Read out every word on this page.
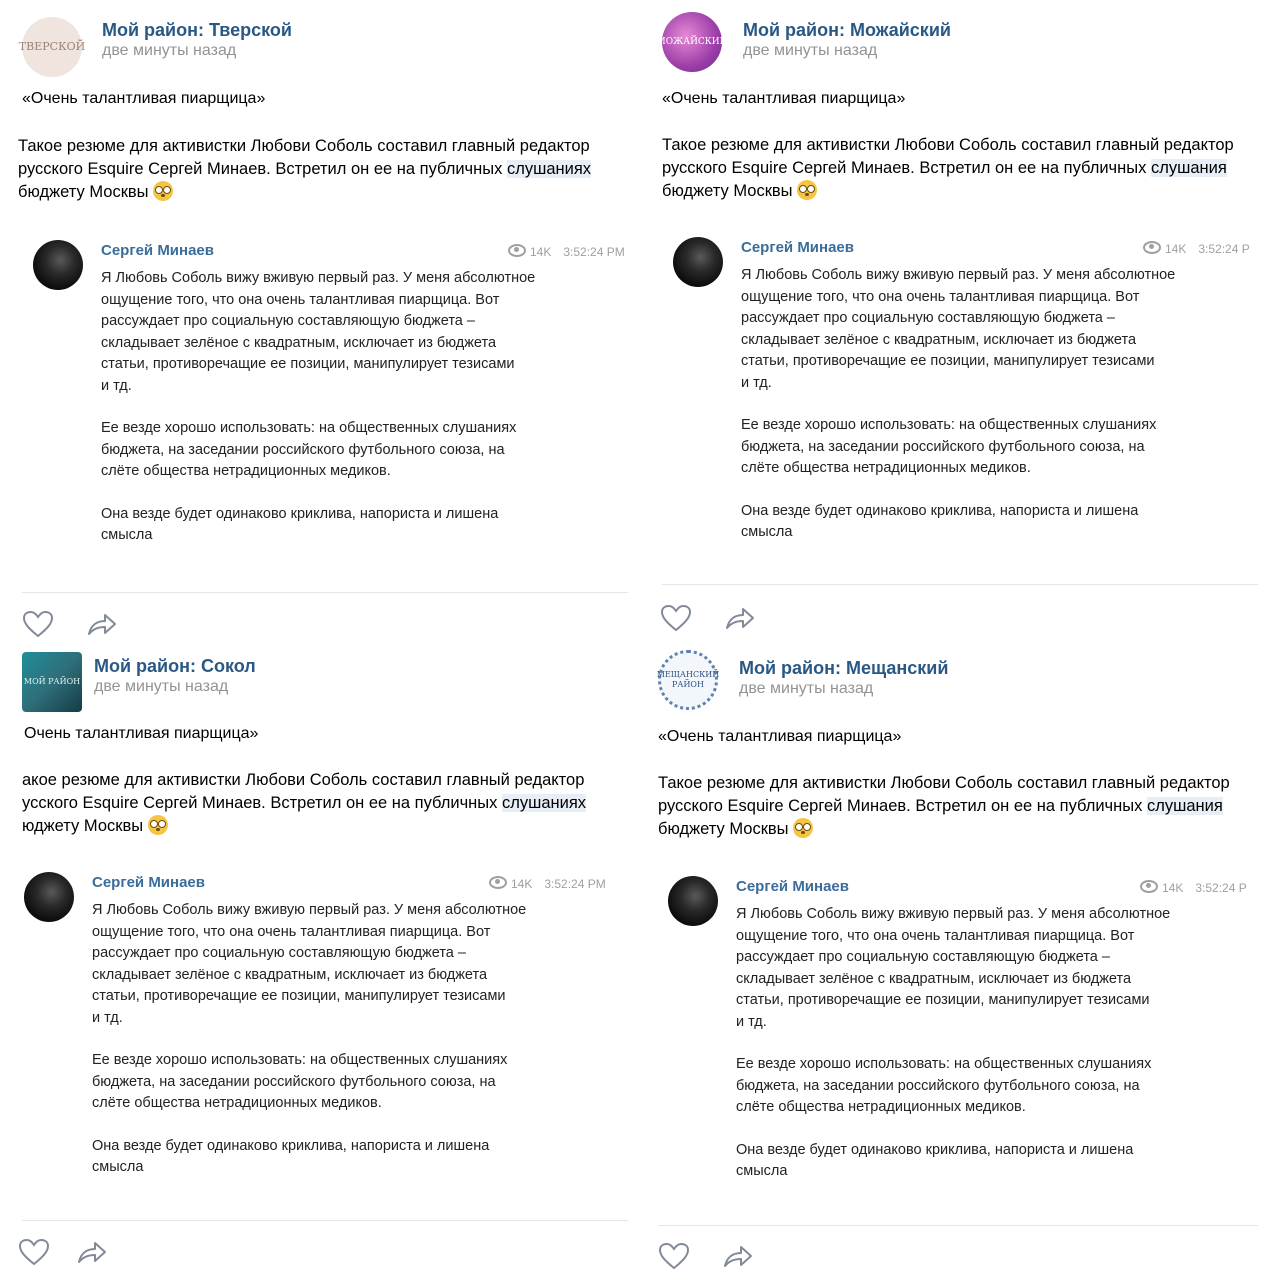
ТВЕРСКОЙ
Мой район: Тверской
две минуты назад
«Очень талантливая пиарщица»

Такое резюме для активистки Любови Соболь составил главный редактор

русского Esquire Сергей Минаев. Встретил он ее на публичных слушаниях

бюджету Москвы

Сергей Минаев	14K 3:52:24 PM

Я Любовь Соболь вижу вживую первый раз. У меня абсолютное
ощущение того, что она очень талантливая пиарщица. Вот
рассуждает про социальную составляющую бюджета –
складывает зелёное с квадратным, исключает из бюджета
статьи, противоречащие ее позиции, манипулирует тезисами
и тд.

Ее везде хорошо использовать: на общественных слушаниях
бюджета, на заседании российского футбольного союза, на
слёте общества нетрадиционных медиков.

Она везде будет одинаково криклива, напориста и лишена
смысла

МОЖАЙСКИЙ
Мой район: Можайский
две минуты назад
«Очень талантливая пиарщица»

Такое резюме для активистки Любови Соболь составил главный редактор

русского Esquire Сергей Минаев. Встретил он ее на публичных слушания

бюджету Москвы

Сергей Минаев	14K 3:52:24 P

Я Любовь Соболь вижу вживую первый раз. У меня абсолютное
ощущение того, что она очень талантливая пиарщица. Вот
рассуждает про социальную составляющую бюджета –
складывает зелёное с квадратным, исключает из бюджета
статьи, противоречащие ее позиции, манипулирует тезисами
и тд.

Ее везде хорошо использовать: на общественных слушаниях
бюджета, на заседании российского футбольного союза, на
слёте общества нетрадиционных медиков.

Она везде будет одинаково криклива, напориста и лишена
смысла

МОЙ РАЙОН
Мой район: Сокол
две минуты назад
Очень талантливая пиарщица»

акое резюме для активистки Любови Соболь составил главный редактор

усского Esquire Сергей Минаев. Встретил он ее на публичных слушаниях

юджету Москвы

Сергей Минаев	14K 3:52:24 PM

Я Любовь Соболь вижу вживую первый раз. У меня абсолютное
ощущение того, что она очень талантливая пиарщица. Вот
рассуждает про социальную составляющую бюджета –
складывает зелёное с квадратным, исключает из бюджета
статьи, противоречащие ее позиции, манипулирует тезисами
и тд.

Ее везде хорошо использовать: на общественных слушаниях
бюджета, на заседании российского футбольного союза, на
слёте общества нетрадиционных медиков.

Она везде будет одинаково криклива, напориста и лишена
смысла

МЕЩАНСКИЙ РАЙОН
Мой район: Мещанский
две минуты назад
«Очень талантливая пиарщица»

Такое резюме для активистки Любови Соболь составил главный редактор

русского Esquire Сергей Минаев. Встретил он ее на публичных слушания

бюджету Москвы

Сергей Минаев	14K 3:52:24 P

Я Любовь Соболь вижу вживую первый раз. У меня абсолютное
ощущение того, что она очень талантливая пиарщица. Вот
рассуждает про социальную составляющую бюджета –
складывает зелёное с квадратным, исключает из бюджета
статьи, противоречащие ее позиции, манипулирует тезисами
и тд.

Ее везде хорошо использовать: на общественных слушаниях
бюджета, на заседании российского футбольного союза, на
слёте общества нетрадиционных медиков.

Она везде будет одинаково криклива, напориста и лишена
смысла
